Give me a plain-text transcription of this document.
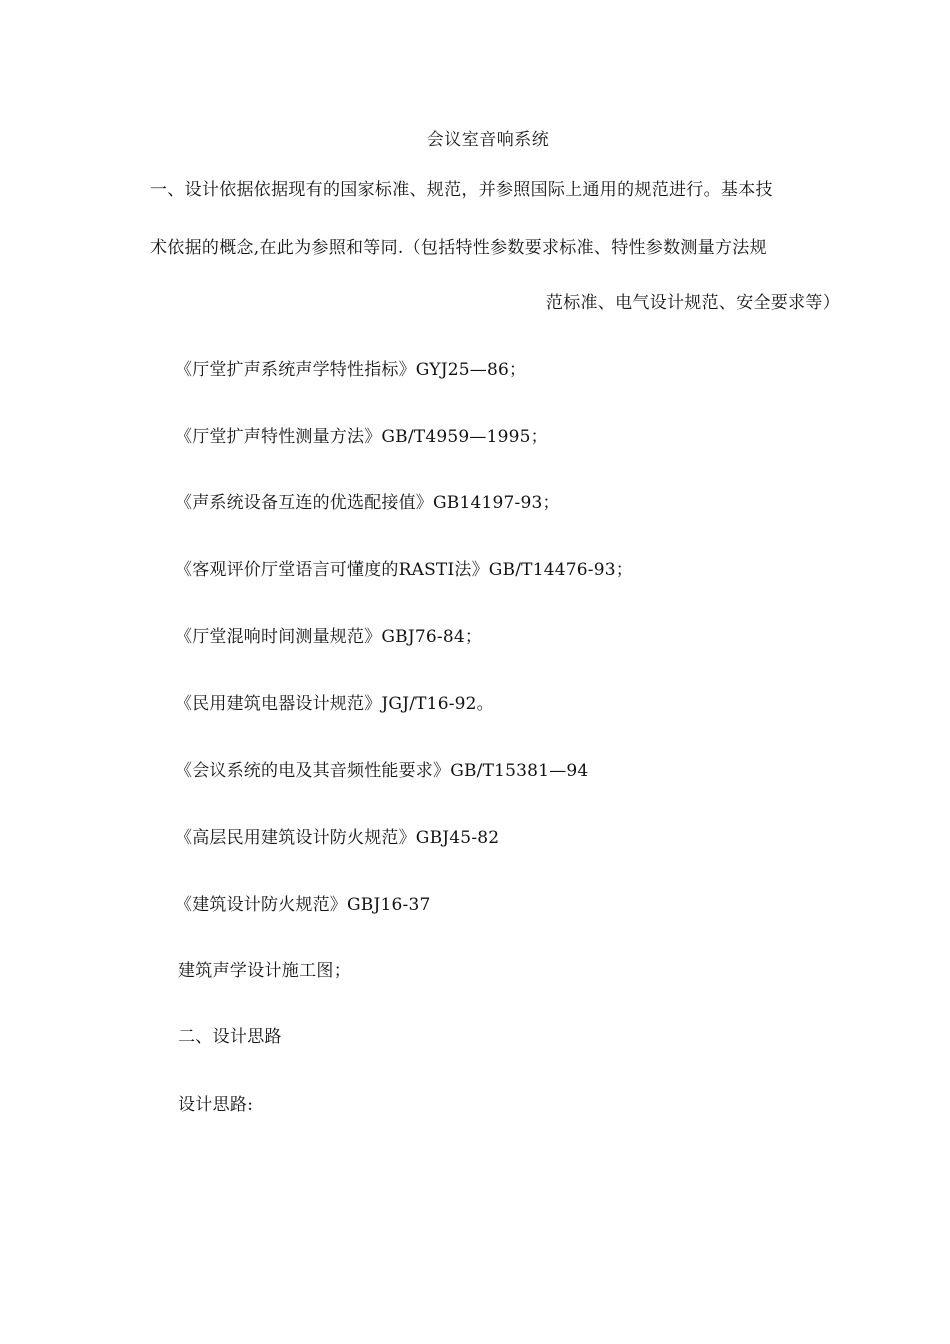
会议室音响系统
一、设计依据依据现有的国家标准、规范，并参照国际上通用的规范进行。基本技
术依据的概念,在此为参照和等同.（包括特性参数要求标准、特性参数测量方法规
范标准、电气设计规范、安全要求等）
《厅堂扩声系统声学特性指标》GYJ25—86；
《厅堂扩声特性测量方法》GB/T4959—1995；
《声系统设备互连的优选配接值》GB14197-93；
《客观评价厅堂语言可懂度的RASTI法》GB/T14476-93；
《厅堂混响时间测量规范》GBJ76-84；
《民用建筑电器设计规范》JGJ/T16-92。
《会议系统的电及其音频性能要求》GB/T15381—94
《高层民用建筑设计防火规范》GBJ45-82
《建筑设计防火规范》GBJ16-37
建筑声学设计施工图；
二、设计思路
设计思路:
